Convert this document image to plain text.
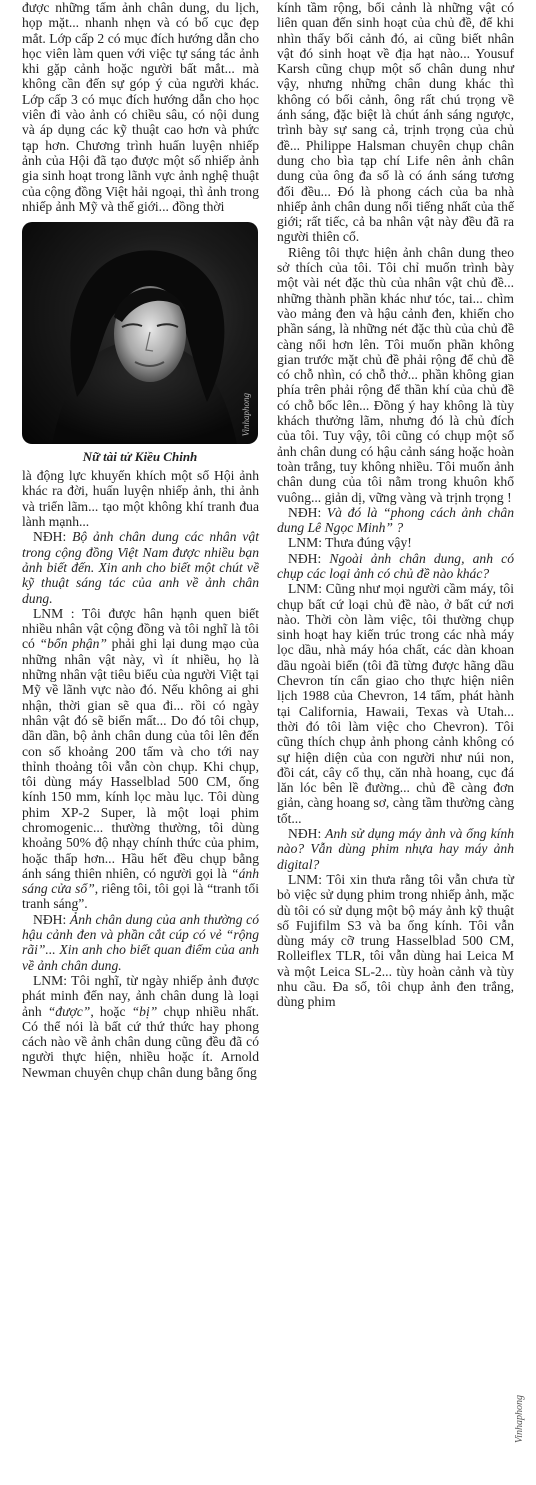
được những tấm ảnh chân dung, du lịch, họp mặt... nhanh nhẹn và có bố cục đẹp mắt. Lớp cấp 2 có mục đích hướng dẫn cho học viên làm quen với việc tự sáng tác ảnh khi gặp cảnh hoặc người bất mắt... mà không cần đến sự góp ý của người khác. Lớp cấp 3 có mục đích hướng dẫn cho học viên đi vào ảnh có chiều sâu, có nội dung và áp dụng các kỹ thuật cao hơn và phức tạp hơn. Chương trình huấn luyện nhiếp ảnh của Hội đã tạo được một số nhiếp ảnh gia sinh hoạt trong lãnh vực ảnh nghệ thuật của cộng đồng Việt hải ngoại, thì ảnh trong nhiếp ảnh Mỹ và thế giới... đồng thời

Vinhaphong
Nữ tài tử Kiều Chinh

là động lực khuyến khích một số Hội ảnh khác ra đời, huấn luyện nhiếp ảnh, thi ảnh và triển lãm... tạo một không khí tranh đua lành mạnh...

NĐH: Bộ ảnh chân dung các nhân vật trong cộng đồng Việt Nam được nhiều bạn ảnh biết đến. Xin anh cho biết một chút về kỹ thuật sáng tác của anh về ảnh chân dung.

LNM : Tôi được hân hạnh quen biết nhiều nhân vật cộng đồng và tôi nghĩ là tôi có “bổn phận” phải ghi lại dung mạo của những nhân vật này, vì ít nhiều, họ là những nhân vật tiêu biểu của người Việt tại Mỹ về lãnh vực nào đó. Nếu không ai ghi nhận, thời gian sẽ qua đi... rồi có ngày nhân vật đó sẽ biến mất... Do đó tôi chụp, dần dần, bộ ảnh chân dung của tôi lên đến con số khoảng 200 tấm và cho tới nay thỉnh thoảng tôi vẫn còn chụp. Khi chụp, tôi dùng máy Hasselblad 500 CM, ống kính 150 mm, kính lọc màu lục. Tôi dùng phim XP-2 Super, là một loại phim chromogenic... thường thường, tôi dùng khoảng 50% độ nhạy chính thức của phim, hoặc thấp hơn... Hầu hết đều chụp bằng ánh sáng thiên nhiên, có người gọi là “ánh sáng cửa sổ”, riêng tôi, tôi gọi là “tranh tối tranh sáng”.

NĐH: Ảnh chân dung của anh thường có hậu cảnh đen và phần cắt cúp có vẻ “rộng rãi”... Xin anh cho biết quan điểm của anh về ảnh chân dung.

LNM: Tôi nghĩ, từ ngày nhiếp ảnh được phát minh đến nay, ảnh chân dung là loại ảnh “được”, hoặc “bị” chụp nhiều nhất. Có thể nói là bất cứ thứ thức hay phong cách nào về ảnh chân dung cũng đều đã có người thực hiện, nhiều hoặc ít. Arnold Newman chuyên chụp chân dung bằng ống

kính tầm rộng, bối cảnh là những vật có liên quan đến sinh hoạt của chủ đề, để khi nhìn thấy bối cảnh đó, ai cũng biết nhân vật đó sinh hoạt về địa hạt nào... Yousuf Karsh cũng chụp một số chân dung như vậy, nhưng những chân dung khác thì không có bối cảnh, ông rất chú trọng về ánh sáng, đặc biệt là chút ánh sáng ngược, trình bày sự sang cả, trịnh trọng của chủ đề... Philippe Halsman chuyên chụp chân dung cho bìa tạp chí Life nên ảnh chân dung của ông đa số là có ánh sáng tương đối đều... Đó là phong cách của ba nhà nhiếp ảnh chân dung nổi tiếng nhất của thế giới; rất tiếc, cả ba nhân vật này đều đã ra người thiên cổ.

Riêng tôi thực hiện ảnh chân dung theo sở thích của tôi. Tôi chỉ muốn trình bày một vài nét đặc thù của nhân vật chủ đề... những thành phần khác như tóc, tai... chìm vào mảng đen và hậu cảnh đen, khiến cho phần sáng, là những nét đặc thù của chủ đề càng nổi hơn lên. Tôi muốn phần không gian trước mặt chủ đề phải rộng để chủ đề có chỗ nhìn, có chỗ thở... phần không gian phía trên phải rộng để thần khí của chủ đề có chỗ bốc lên... Đồng ý hay không là tùy khách thưởng lãm, nhưng đó là chủ đích của tôi. Tuy vậy, tôi cũng có chụp một số ảnh chân dung có hậu cảnh sáng hoặc hoàn toàn trắng, tuy không nhiều. Tôi muốn ảnh chân dung của tôi nằm trong khuôn khổ vuông... giản dị, vững vàng và trịnh trọng !

NĐH: Và đó là “phong cách ảnh chân dung Lê Ngọc Minh” ?

LNM: Thưa đúng vậy!

NĐH: Ngoài ảnh chân dung, anh có chụp các loại ảnh có chủ đề nào khác?

LNM: Cũng như mọi người cầm máy, tôi chụp bất cứ loại chủ đề nào, ở bất cứ nơi nào. Thời còn làm việc, tôi thường chụp sinh hoạt hay kiến trúc trong các nhà máy lọc dầu, nhà máy hóa chất, các dàn khoan dầu ngoài biển (tôi đã từng được hãng dầu Chevron tín cẩn giao cho thực hiện niên lịch 1988 của Chevron, 14 tấm, phát hành tại California, Hawaii, Texas và Utah... thời đó tôi làm việc cho Chevron). Tôi cũng thích chụp ảnh phong cảnh không có sự hiện diện của con người như núi non, đồi cát, cây cổ thụ, căn nhà hoang, cục đá lăn lóc bên lề đường... chủ đề càng đơn giản, càng hoang sơ, càng tầm thường càng tốt...

NĐH: Anh sử dụng máy ảnh và ống kính nào? Vẫn dùng phim nhựa hay máy ảnh digital?

LNM: Tôi xin thưa rằng tôi vẫn chưa từ bỏ việc sử dụng phim trong nhiếp ảnh, mặc dù tôi có sử dụng một bộ máy ảnh kỹ thuật số Fujifilm S3 và ba ống kính. Tôi vẫn dùng máy cỡ trung Hasselblad 500 CM, Rolleiflex TLR, tôi vẫn dùng hai Leica M và một Leica SL-2... tùy hoàn cảnh và tùy nhu cầu. Đa số, tôi chụp ảnh đen trắng, dùng phim

Vinhaphong
